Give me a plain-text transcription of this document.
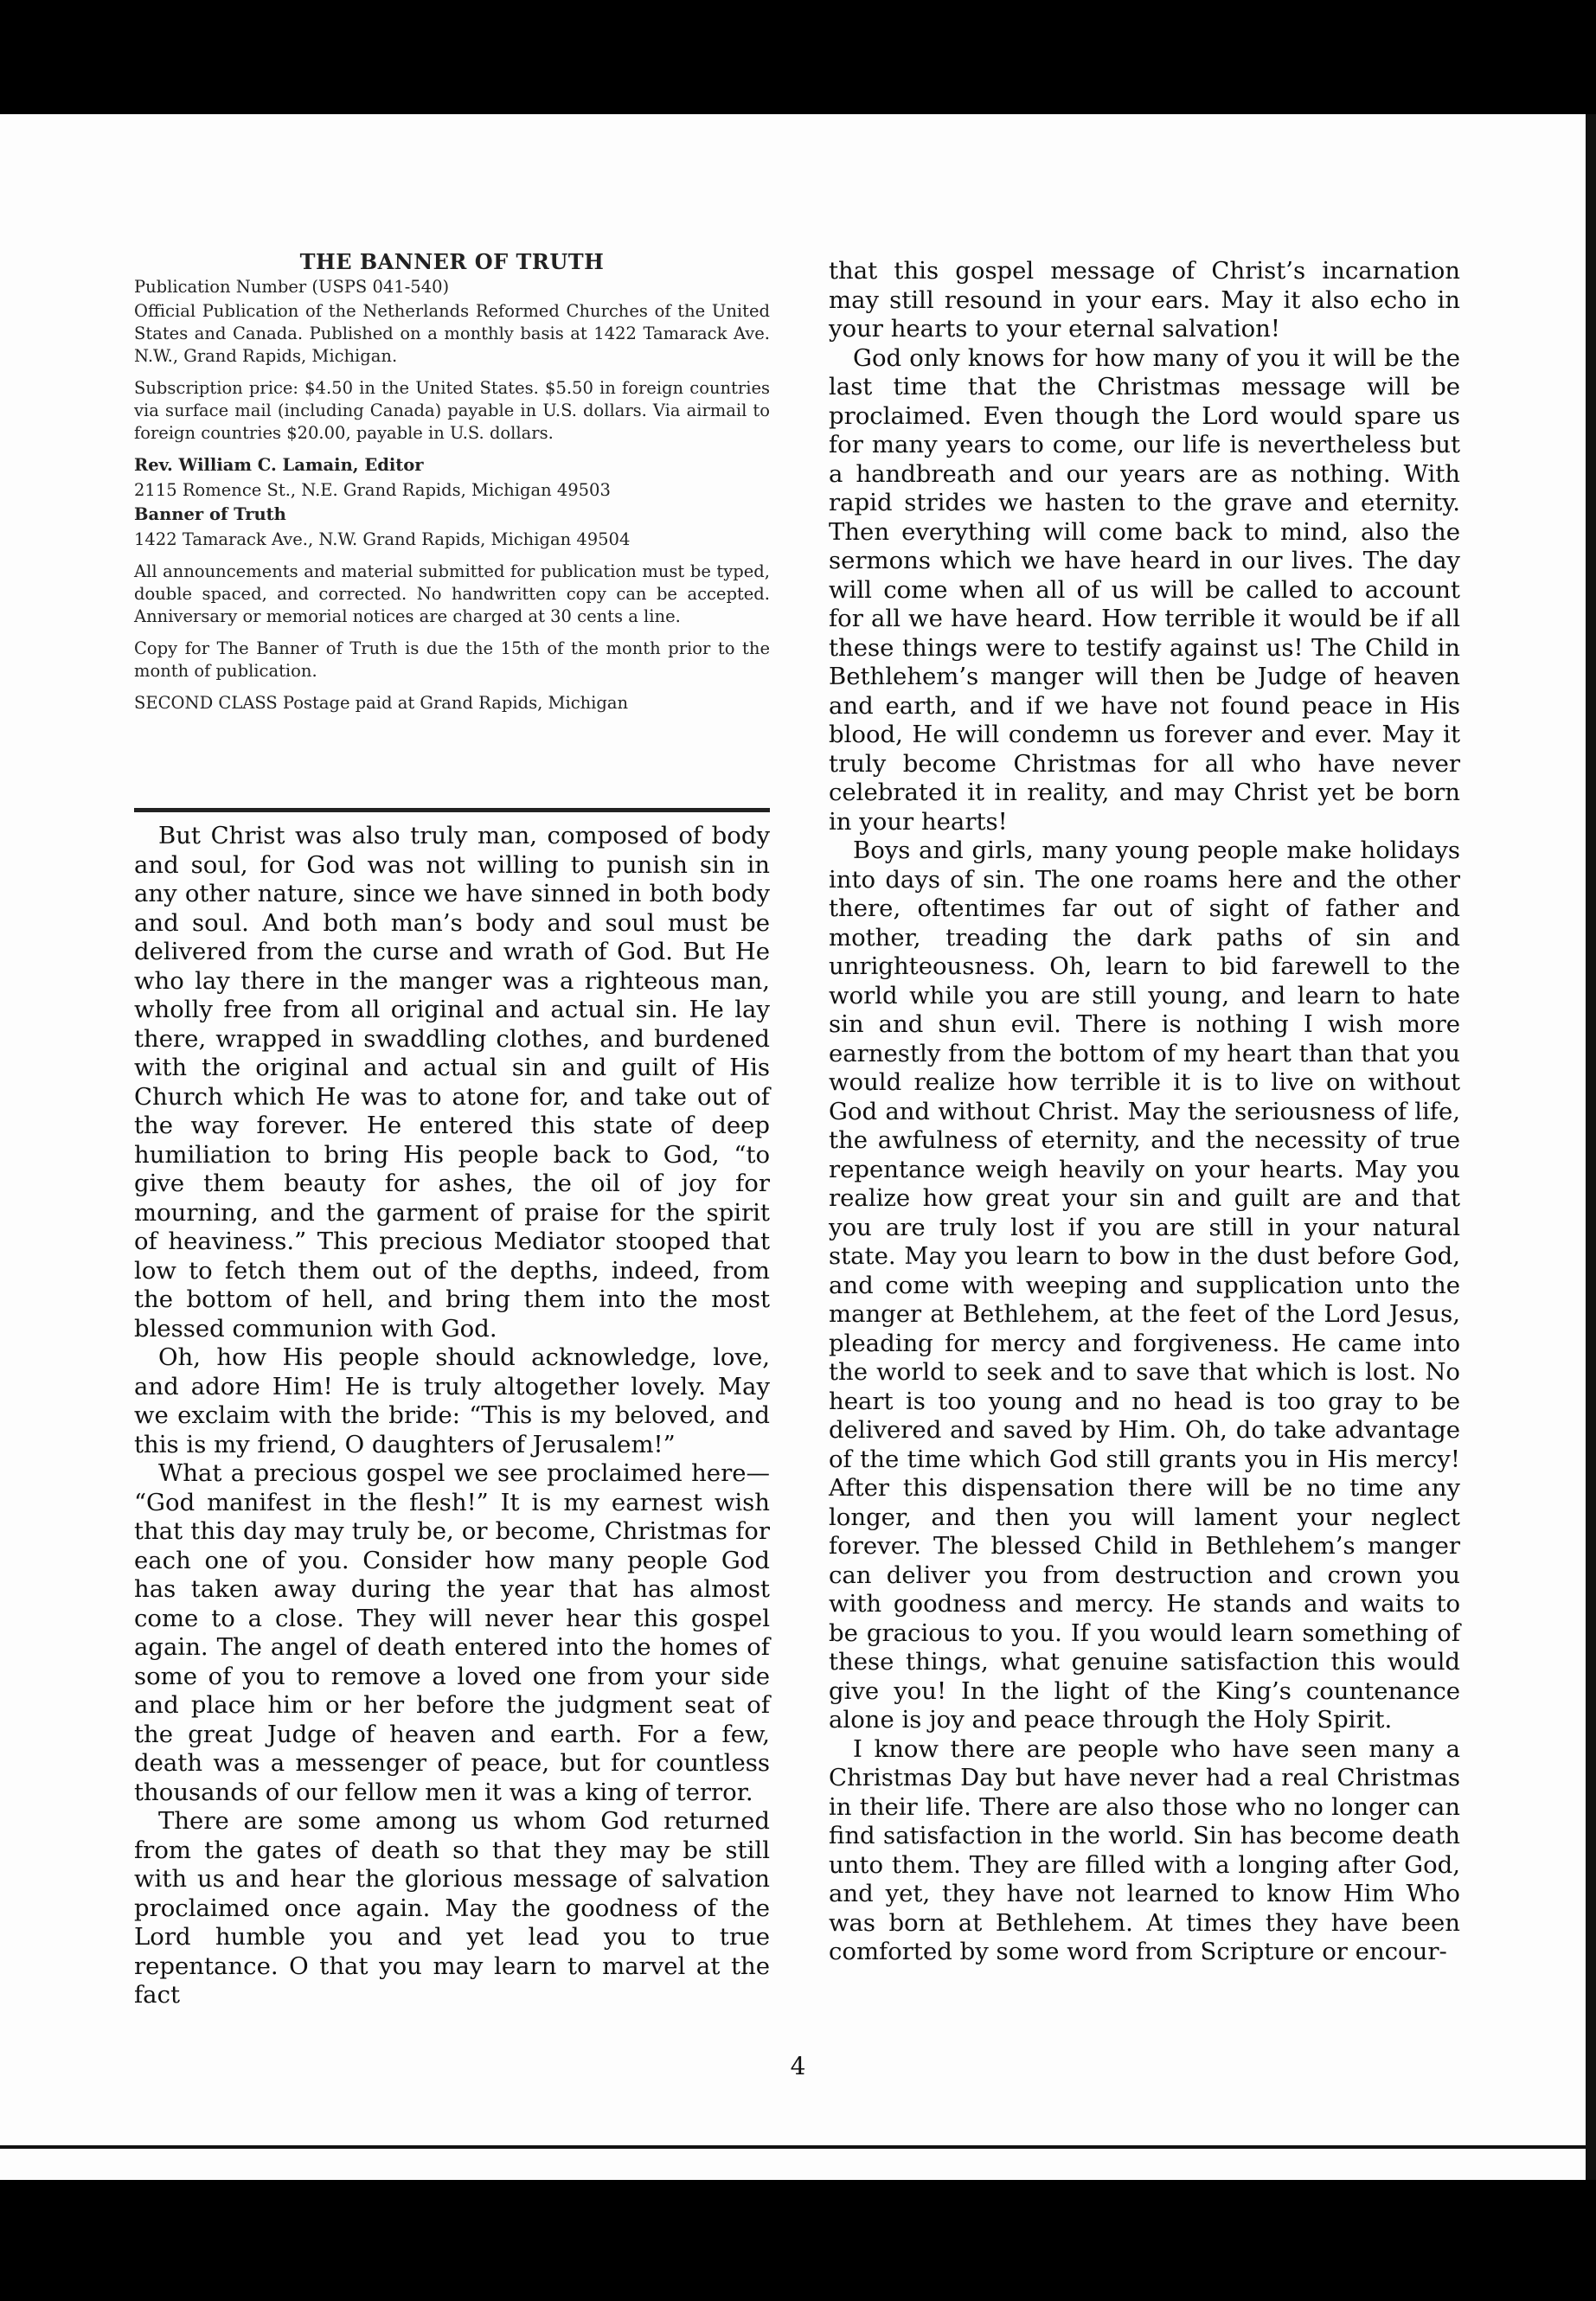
THE BANNER OF TRUTH

Publication Number (USPS 041-540)

Official Publication of the Netherlands Reformed Churches of the United States and Canada. Published on a monthly basis at 1422 Tamarack Ave. N.W., Grand Rapids, Michigan.

Subscription price: $4.50 in the United States. $5.50 in foreign countries via surface mail (including Canada) payable in U.S. dollars. Via airmail to foreign countries $20.00, payable in U.S. dollars.

Rev. William C. Lamain, Editor

2115 Romence St., N.E. Grand Rapids, Michigan 49503

Banner of Truth

1422 Tamarack Ave., N.W. Grand Rapids, Michigan 49504

All announcements and material submitted for publication must be typed, double spaced, and corrected. No handwritten copy can be accepted. Anniversary or memorial notices are charged at 30 cents a line.

Copy for The Banner of Truth is due the 15th of the month prior to the month of publication.

SECOND CLASS Postage paid at Grand Rapids, Michigan

But Christ was also truly man, composed of body and soul, for God was not willing to punish sin in any other nature, since we have sinned in both body and soul. And both man’s body and soul must be delivered from the curse and wrath of God. But He who lay there in the manger was a righteous man, wholly free from all original and actual sin. He lay there, wrapped in swaddling clothes, and burdened with the original and actual sin and guilt of His Church which He was to atone for, and take out of the way forever. He entered this state of deep humiliation to bring His people back to God, “to give them beauty for ashes, the oil of joy for mourning, and the garment of praise for the spirit of heaviness.” This precious Mediator stooped that low to fetch them out of the depths, indeed, from the bottom of hell, and bring them into the most blessed communion with God.

Oh, how His people should acknowledge, love, and adore Him! He is truly altogether lovely. May we exclaim with the bride: “This is my beloved, and this is my friend, O daughters of Jerusalem!”

What a precious gospel we see proclaimed here— “God manifest in the flesh!” It is my earnest wish that this day may truly be, or become, Christmas for each one of you. Consider how many people God has taken away during the year that has almost come to a close. They will never hear this gospel again. The angel of death entered into the homes of some of you to remove a loved one from your side and place him or her before the judgment seat of the great Judge of heaven and earth. For a few, death was a messenger of peace, but for countless thousands of our fellow men it was a king of terror.

There are some among us whom God returned from the gates of death so that they may be still with us and hear the glorious message of salvation proclaimed once again. May the goodness of the Lord humble you and yet lead you to true repentance. O that you may learn to marvel at the fact

that this gospel message of Christ’s incarnation may still resound in your ears. May it also echo in your hearts to your eternal salvation!

God only knows for how many of you it will be the last time that the Christmas message will be proclaimed. Even though the Lord would spare us for many years to come, our life is nevertheless but a handbreath and our years are as nothing. With rapid strides we hasten to the grave and eternity. Then everything will come back to mind, also the sermons which we have heard in our lives. The day will come when all of us will be called to account for all we have heard. How terrible it would be if all these things were to testify against us! The Child in Bethlehem’s manger will then be Judge of heaven and earth, and if we have not found peace in His blood, He will condemn us forever and ever. May it truly become Christmas for all who have never celebrated it in reality, and may Christ yet be born in your hearts!

Boys and girls, many young people make holidays into days of sin. The one roams here and the other there, oftentimes far out of sight of father and mother, treading the dark paths of sin and unrighteousness. Oh, learn to bid farewell to the world while you are still young, and learn to hate sin and shun evil. There is nothing I wish more earnestly from the bottom of my heart than that you would realize how terrible it is to live on without God and without Christ. May the seriousness of life, the awfulness of eternity, and the necessity of true repentance weigh heavily on your hearts. May you realize how great your sin and guilt are and that you are truly lost if you are still in your natural state. May you learn to bow in the dust before God, and come with weeping and supplication unto the manger at Bethlehem, at the feet of the Lord Jesus, pleading for mercy and forgiveness. He came into the world to seek and to save that which is lost. No heart is too young and no head is too gray to be delivered and saved by Him. Oh, do take advantage of the time which God still grants you in His mercy! After this dispensation there will be no time any longer, and then you will lament your neglect forever. The blessed Child in Bethlehem’s manger can deliver you from destruction and crown you with goodness and mercy. He stands and waits to be gracious to you. If you would learn something of these things, what genuine satisfaction this would give you! In the light of the King’s countenance alone is joy and peace through the Holy Spirit.

I know there are people who have seen many a Christmas Day but have never had a real Christmas in their life. There are also those who no longer can find satisfaction in the world. Sin has become death unto them. They are filled with a longing after God, and yet, they have not learned to know Him Who was born at Bethlehem. At times they have been comforted by some word from Scripture or encour-

4
